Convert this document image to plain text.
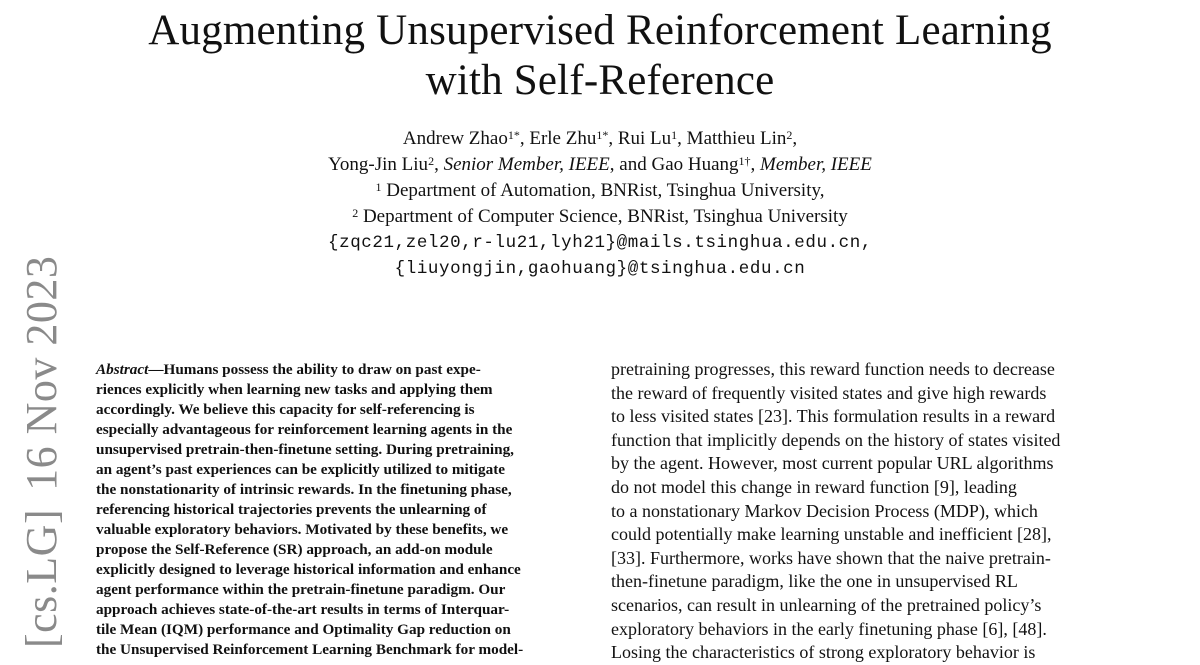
Augmenting Unsupervised Reinforcement Learning
with Self-Reference
Andrew Zhao$^{1*}$, Erle Zhu$^{1*}$, Rui Lu$^1$, Matthieu Lin$^2$,
Yong-Jin Liu$^2$, Senior Member, IEEE, and Gao Huang$^{1\dagger}$, Member, IEEE
$^1$ Department of Automation, BNRist, Tsinghua University,
$^2$ Department of Computer Science, BNRist, Tsinghua University
{zqc21,zel20,r-lu21,lyh21}@mails.tsinghua.edu.cn,
{liuyongjin,gaohuang}@tsinghua.edu.cn
[cs.LG]16 Nov 2023 Abstract—Humans possess the ability to draw on past expe-
riences explicitly when learning new tasks and applying them
accordingly. We believe this capacity for self-referencing is
especially advantageous for reinforcement learning agents in the
unsupervised pretrain-then-finetune setting. During pretraining,
an agent’s past experiences can be explicitly utilized to mitigate
the nonstationarity of intrinsic rewards. In the finetuning phase,
referencing historical trajectories prevents the unlearning of
valuable exploratory behaviors. Motivated by these benefits, we
propose the Self-Reference (SR) approach, an add-on module
explicitly designed to leverage historical information and enhance
agent performance within the pretrain-finetune paradigm. Our
approach achieves state-of-the-art results in terms of Interquar-
tile Mean (IQM) performance and Optimality Gap reduction on
the Unsupervised Reinforcement Learning Benchmark for model-
pretraining progresses, this reward function needs to decrease
the reward of frequently visited states and give high rewards
to less visited states [23]. This formulation results in a reward
function that implicitly depends on the history of states visited
by the agent. However, most current popular URL algorithms
do not model this change in reward function [9], leading
to a nonstationary Markov Decision Process (MDP), which
could potentially make learning unstable and inefficient [28],
[33]. Furthermore, works have shown that the naive pretrain-
then-finetune paradigm, like the one in unsupervised RL
scenarios, can result in unlearning of the pretrained policy’s
exploratory behaviors in the early finetuning phase [6], [48].
Losing the characteristics of strong exploratory behavior is
